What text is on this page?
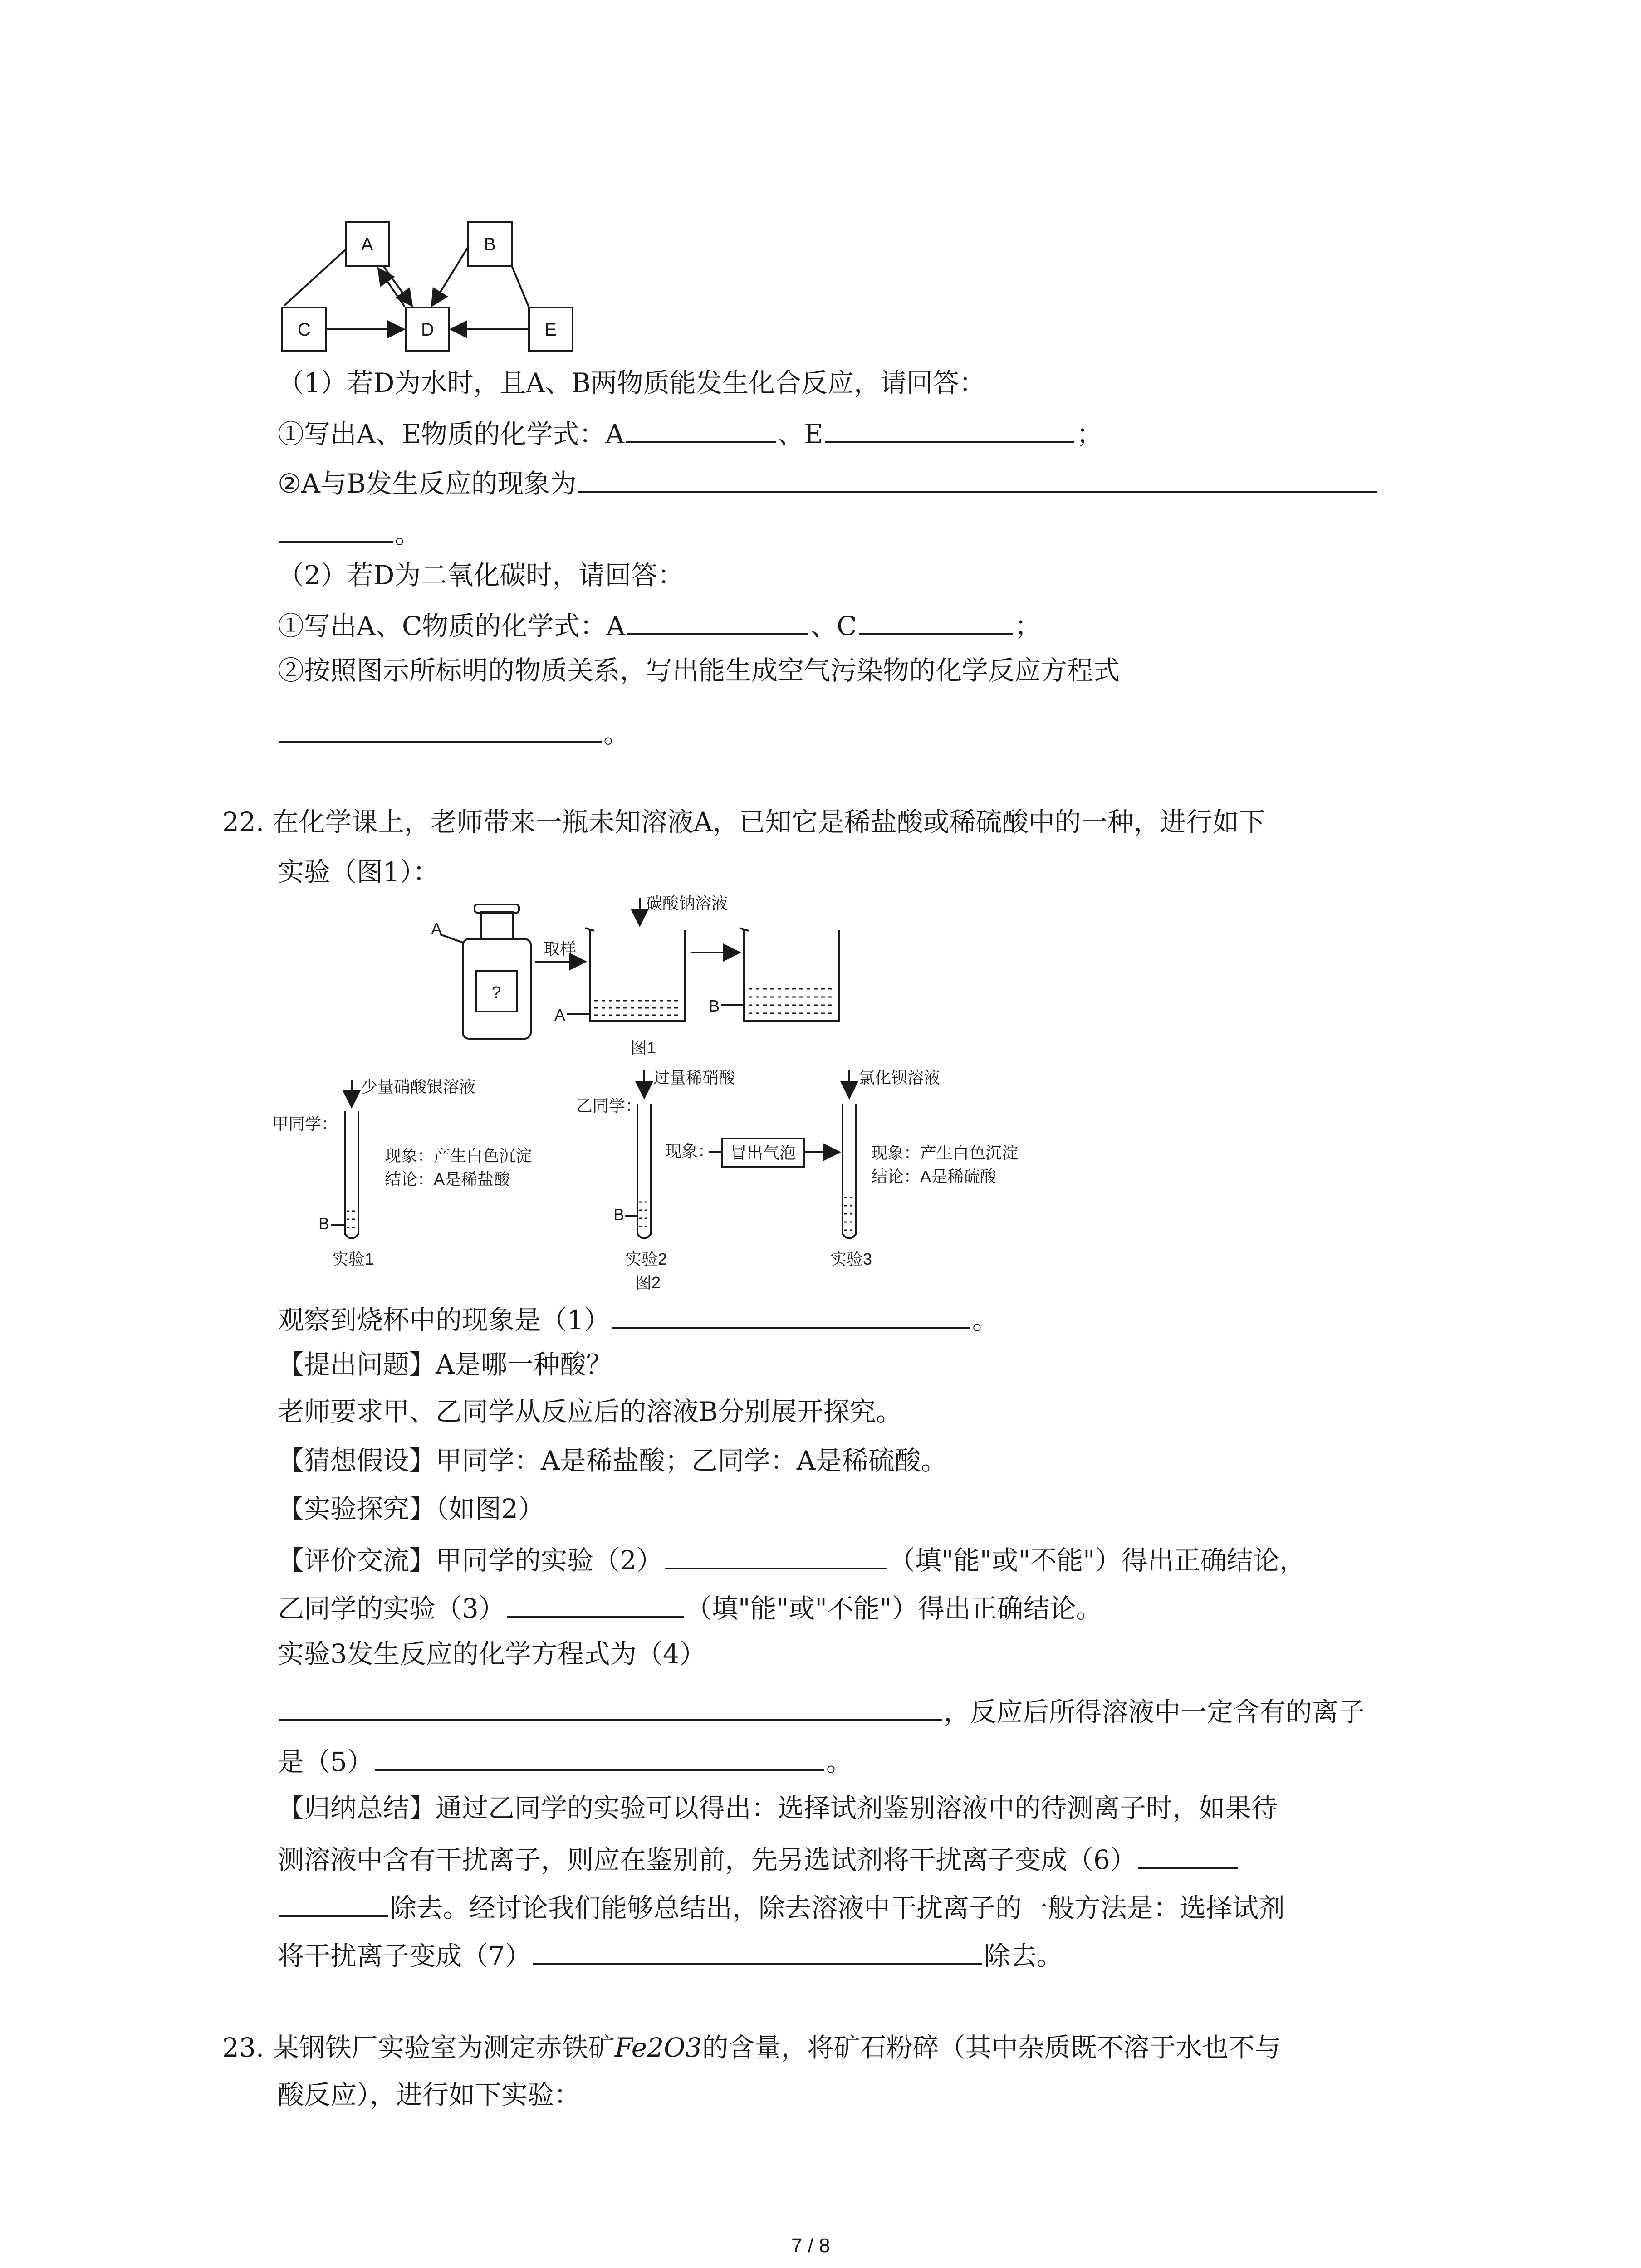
A	B
C	D	E
（1）若D为水时，且A、B两物质能发生化合反应，请回答：
①写出A、E物质的化学式：A	、E	；
②A与B发生反应的现象为
。
（2）若D为二氧化碳时，请回答：
①写出A、C物质的化学式：A	、C	；
②按照图示所标明的物质关系，写出能生成空气污染物的化学反应方程式
。
22. 在化学课上，老师带来一瓶未知溶液A，已知它是稀盐酸或稀硫酸中的一种，进行如下
实验（图1）：
A
?
取样
碳酸钠溶液
A	B
图1
甲同学：
少量硝酸银溶液
现象：产生白色沉淀
结论：A是稀盐酸
B
实验1
乙同学：
过量稀硝酸
现象： 冒出气泡
B
实验2
氯化钡溶液
现象：产生白色沉淀
结论：A是稀硫酸
实验3
图2
观察到烧杯中的现象是（1）	。
【提出问题】A是哪一种酸？
老师要求甲、乙同学从反应后的溶液B分别展开探究。
【猜想假设】甲同学：A是稀盐酸；乙同学：A是稀硫酸。
【实验探究】（如图2）
【评价交流】甲同学的实验（2）	（填"能"或"不能"）得出正确结论，
乙同学的实验（3）	（填"能"或"不能"）得出正确结论。
实验3发生反应的化学方程式为（4）
，反应后所得溶液中一定含有的离子
是（5）	。
【归纳总结】通过乙同学的实验可以得出：选择试剂鉴别溶液中的待测离子时，如果待
测溶液中含有干扰离子，则应在鉴别前，先另选试剂将干扰离子变成（6）
除去。经讨论我们能够总结出，除去溶液中干扰离子的一般方法是：选择试剂
将干扰离子变成（7）	除去。
23. 某钢铁厂实验室为测定赤铁矿Fe2O3的含量，将矿石粉碎（其中杂质既不溶于水也不与
酸反应），进行如下实验：
7 / 8
